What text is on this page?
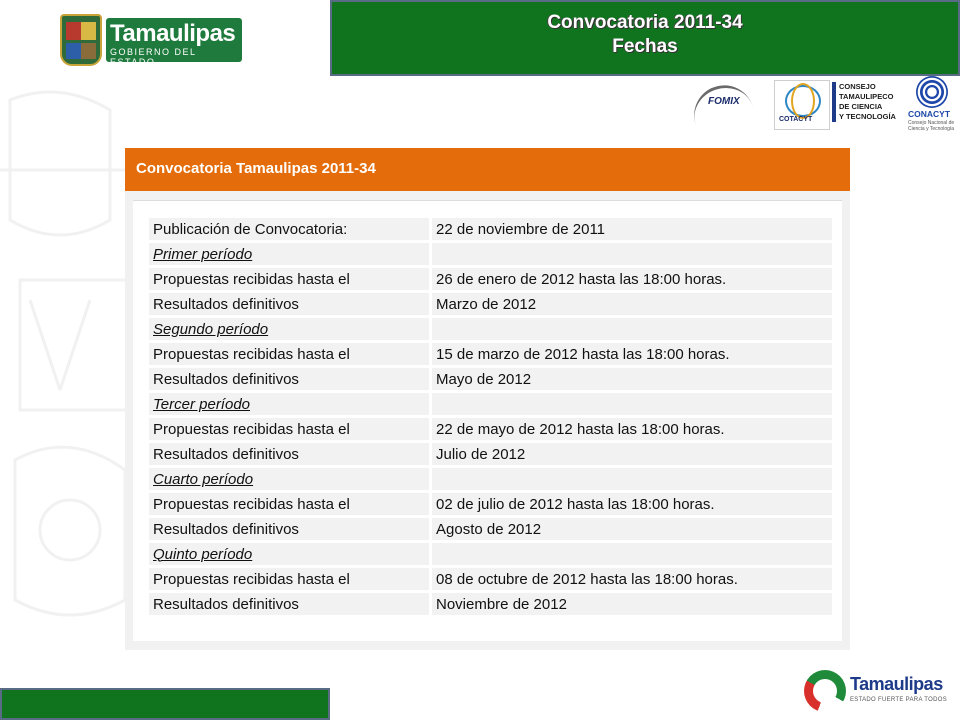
Tamaulipas
GOBIERNO DEL ESTADO
Convocatoria 2011-34
Fechas
FOMIX
COTACYT
CONSEJO
TAMAULIPECO
DE CIENCIA
Y TECNOLOGÍA	CONACYT
Consejo Nacional de Ciencia y Tecnología
Convocatoria Tamaulipas 2011-34
Publicación de Convocatoria:	22 de noviembre de 2011
Primer período	
Propuestas recibidas hasta el	26 de enero de 2012 hasta las 18:00 horas.
Resultados definitivos	Marzo de 2012
Segundo período	
Propuestas recibidas hasta el	15 de marzo de 2012 hasta las 18:00 horas.
Resultados definitivos	Mayo de 2012
Tercer período	
Propuestas recibidas hasta el	22 de mayo de 2012 hasta las 18:00 horas.
Resultados definitivos	Julio de 2012
Cuarto período	
Propuestas recibidas hasta el	02 de julio de 2012 hasta las 18:00 horas.
Resultados definitivos	Agosto de 2012
Quinto período	
Propuestas recibidas hasta el	08 de octubre de 2012 hasta las 18:00 horas.
Resultados definitivos	Noviembre de 2012
Tamaulipas
ESTADO FUERTE PARA TODOS
